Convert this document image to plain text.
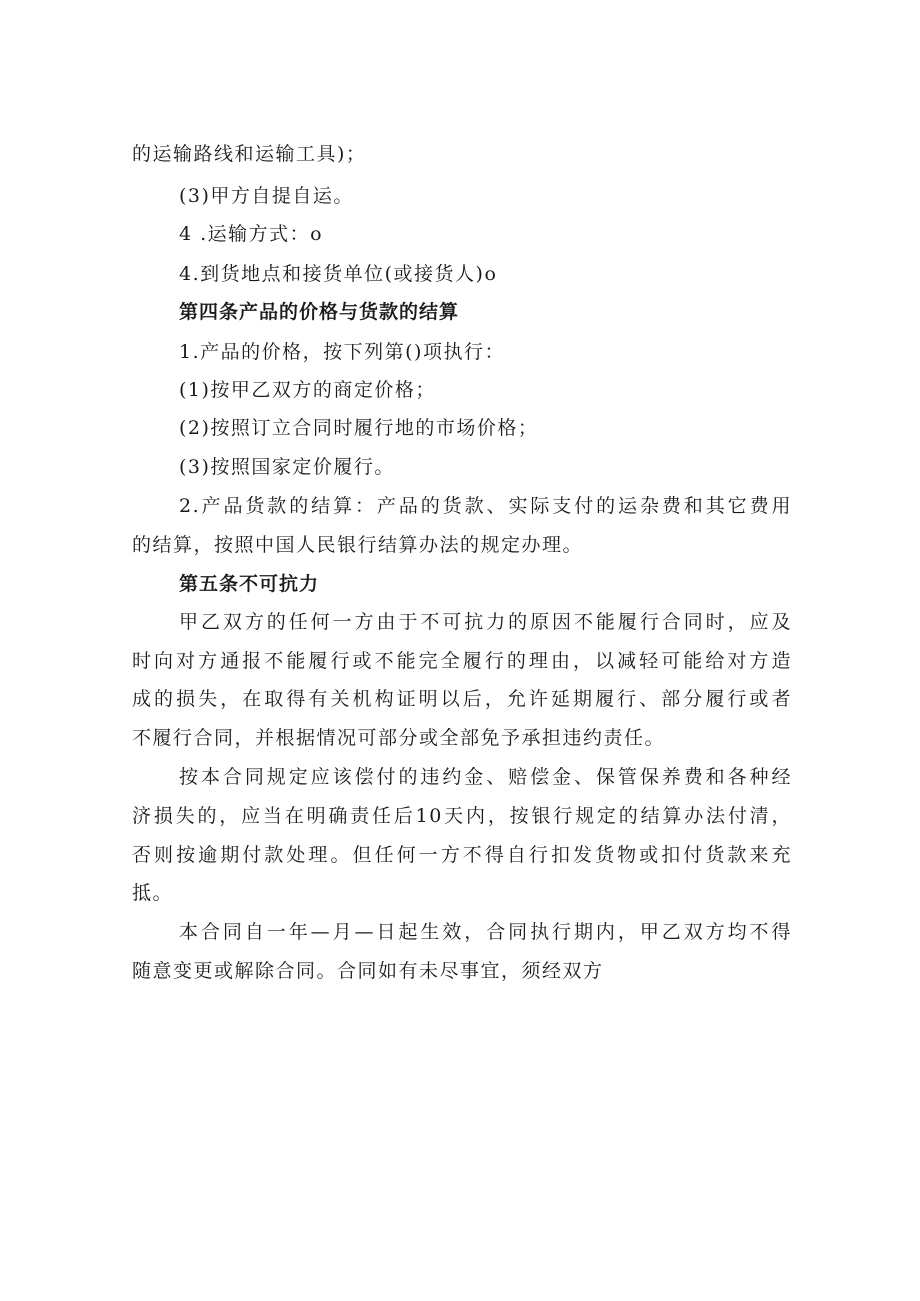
的运输路线和运输工具)；
(3)甲方自提自运。
4 .运输方式：o
4.到货地点和接货单位(或接货人)o
第四条产品的价格与货款的结算
1.产品的价格，按下列第()项执行：
(1)按甲乙双方的商定价格；
(2)按照订立合同时履行地的市场价格；
(3)按照国家定价履行。
2.产品货款的结算：产品的货款、实际支付的运杂费和其它费用
的结算，按照中国人民银行结算办法的规定办理。
第五条不可抗力
甲乙双方的任何一方由于不可抗力的原因不能履行合同时，应及
时向对方通报不能履行或不能完全履行的理由，以减轻可能给对方造
成的损失，在取得有关机构证明以后，允许延期履行、部分履行或者
不履行合同，并根据情况可部分或全部免予承担违约责任。
按本合同规定应该偿付的违约金、赔偿金、保管保养费和各种经
济损失的，应当在明确责任后10天内，按银行规定的结算办法付清，
否则按逾期付款处理。但任何一方不得自行扣发货物或扣付货款来充
抵。
本合同自一年—月—日起生效，合同执行期内，甲乙双方均不得
随意变更或解除合同。合同如有未尽事宜，须经双方
